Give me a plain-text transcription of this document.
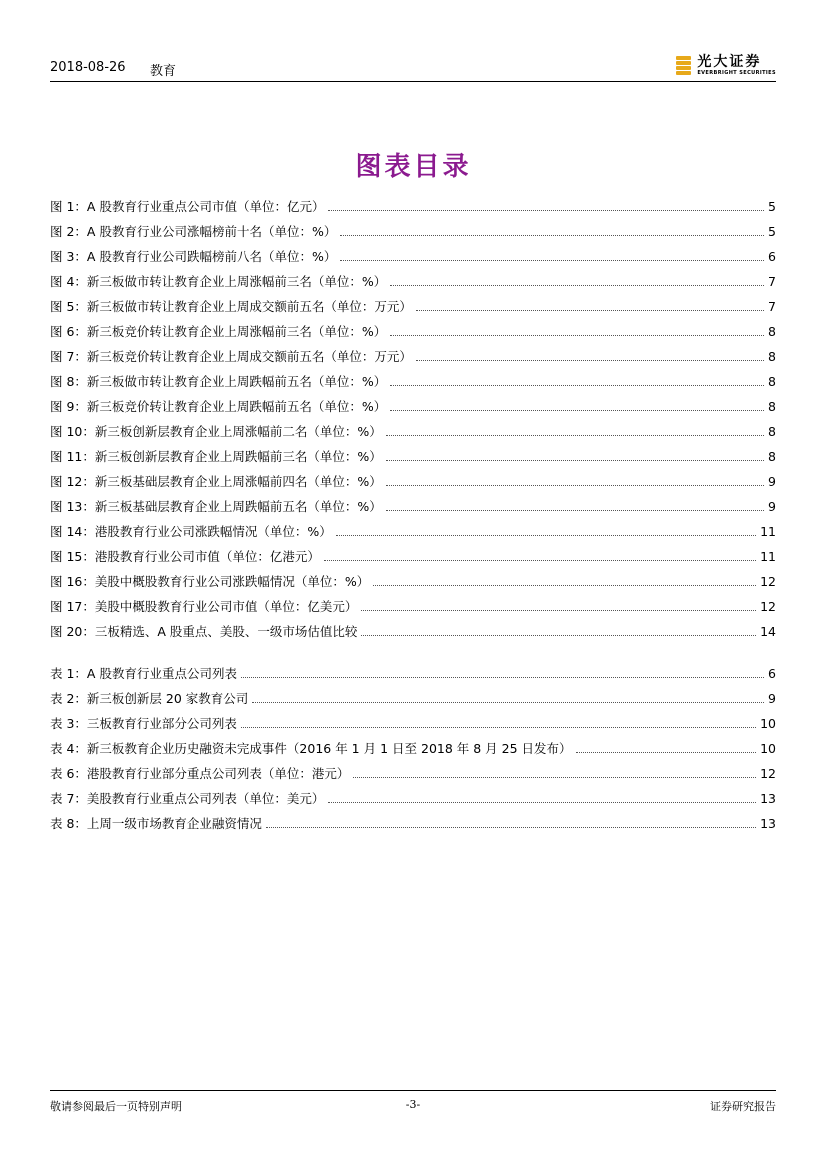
2018-08-26 教育
光大证券
EVERBRIGHT SECURITIES
图表目录
图 1：A 股教育行业重点公司市值（单位：亿元）	5
图 2：A 股教育行业公司涨幅榜前十名（单位：%）	5
图 3：A 股教育行业公司跌幅榜前八名（单位：%）	6
图 4：新三板做市转让教育企业上周涨幅前三名（单位：%）	7
图 5：新三板做市转让教育企业上周成交额前五名（单位：万元）	7
图 6：新三板竞价转让教育企业上周涨幅前三名（单位：%）	8
图 7：新三板竞价转让教育企业上周成交额前五名（单位：万元）	8
图 8：新三板做市转让教育企业上周跌幅前五名（单位：%）	8
图 9：新三板竞价转让教育企业上周跌幅前五名（单位：%）	8
图 10：新三板创新层教育企业上周涨幅前二名（单位：%）	8
图 11：新三板创新层教育企业上周跌幅前三名（单位：%）	8
图 12：新三板基础层教育企业上周涨幅前四名（单位：%）	9
图 13：新三板基础层教育企业上周跌幅前五名（单位：%）	9
图 14：港股教育行业公司涨跌幅情况（单位：%）	11
图 15：港股教育行业公司市值（单位：亿港元）	11
图 16：美股中概股教育行业公司涨跌幅情况（单位：%）	12
图 17：美股中概股教育行业公司市值（单位：亿美元）	12
图 20：三板精选、A 股重点、美股、一级市场估值比较	14
表 1：A 股教育行业重点公司列表	6
表 2：新三板创新层 20 家教育公司	9
表 3：三板教育行业部分公司列表	10
表 4：新三板教育企业历史融资未完成事件（2016 年 1 月 1 日至 2018 年 8 月 25 日发布）	10
表 6：港股教育行业部分重点公司列表（单位：港元）	12
表 7：美股教育行业重点公司列表（单位：美元）	13
表 8：上周一级市场教育企业融资情况	13
敬请参阅最后一页特别声明	-3-	证券研究报告
